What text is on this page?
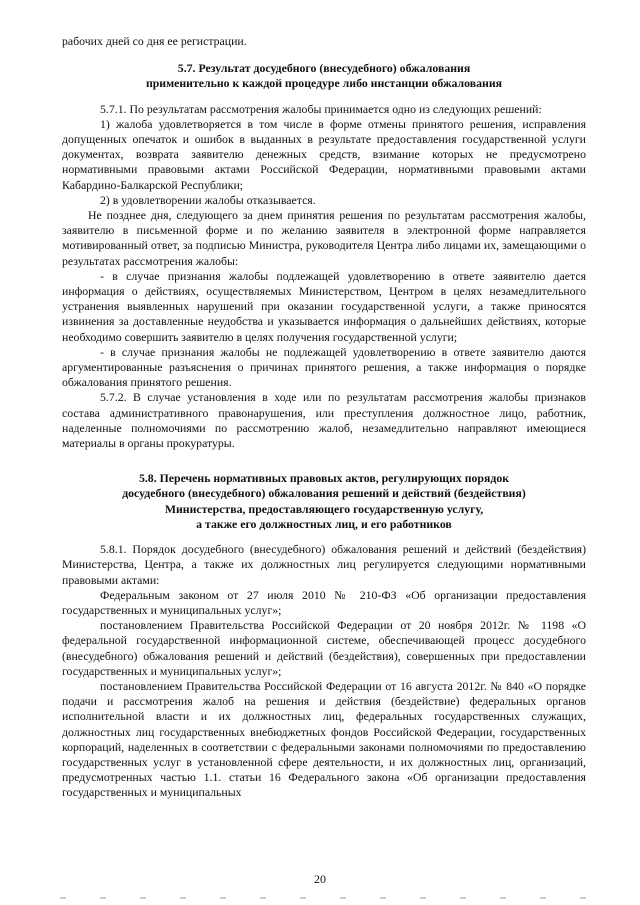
рабочих дней со дня ее регистрации.

5.7. Результат досудебного (внесудебного) обжалования
применительно к каждой процедуре либо инстанции обжалования

5.7.1. По результатам рассмотрения жалобы принимается одно из следующих решений:

1) жалоба удовлетворяется в том числе в форме отмены принятого решения, исправления допущенных опечаток и ошибок в выданных в результате предоставления государственной услуги документах, возврата заявителю денежных средств, взимание которых не предусмотрено нормативными правовыми актами Российской Федерации, нормативными правовыми актами Кабардино-Балкарской Республики;

2) в удовлетворении жалобы отказывается.

Не позднее дня, следующего за днем принятия решения по результатам рассмотрения жалобы, заявителю в письменной форме и по желанию заявителя в электронной форме направляется мотивированный ответ, за подписью Министра, руководителя Центра либо лицами их, замещающими о результатах рассмотрения жалобы:

- в случае признания жалобы подлежащей удовлетворению в ответе заявителю дается информация о действиях, осуществляемых Министерством, Центром в целях незамедлительного устранения выявленных нарушений при оказании государственной услуги, а также приносятся извинения за доставленные неудобства и указывается информация о дальнейших действиях, которые необходимо совершить заявителю в целях получения государственной услуги;

- в случае признания жалобы не подлежащей удовлетворению в ответе заявителю даются аргументированные разъяснения о причинах принятого решения, а также информация о порядке обжалования принятого решения.

5.7.2. В случае установления в ходе или по результатам рассмотрения жалобы признаков состава административного правонарушения, или преступления должностное лицо, работник, наделенные полномочиями по рассмотрению жалоб, незамедлительно направляют имеющиеся материалы в органы прокуратуры.

5.8. Перечень нормативных правовых актов, регулирующих порядок
досудебного (внесудебного) обжалования решений и действий (бездействия)
Министерства, предоставляющего государственную услугу,
а также его должностных лиц, и его работников

5.8.1. Порядок досудебного (внесудебного) обжалования решений и действий (бездействия) Министерства, Центра, а также их должностных лиц регулируется следующими нормативными правовыми актами:

Федеральным законом от 27 июля 2010 № 210-ФЗ «Об организации предоставления государственных и муниципальных услуг»;

постановлением Правительства Российской Федерации от 20 ноября 2012г. № 1198 «О федеральной государственной информационной системе, обеспечивающей процесс досудебного (внесудебного) обжалования решений и действий (бездействия), совершенных при предоставлении государственных и муниципальных услуг»;

постановлением Правительства Российской Федерации от 16 августа 2012г. № 840 «О порядке подачи и рассмотрения жалоб на решения и действия (бездействие) федеральных органов исполнительной власти и их должностных лиц, федеральных государственных служащих, должностных лиц государственных внебюджетных фондов Российской Федерации, государственных корпораций, наделенных в соответствии с федеральными законами полномочиями по предоставлению государственных услуг в установленной сфере деятельности, и их должностных лиц, организаций, предусмотренных частью 1.1. статьи 16 Федерального закона «Об организации предоставления государственных и муниципальных

20
